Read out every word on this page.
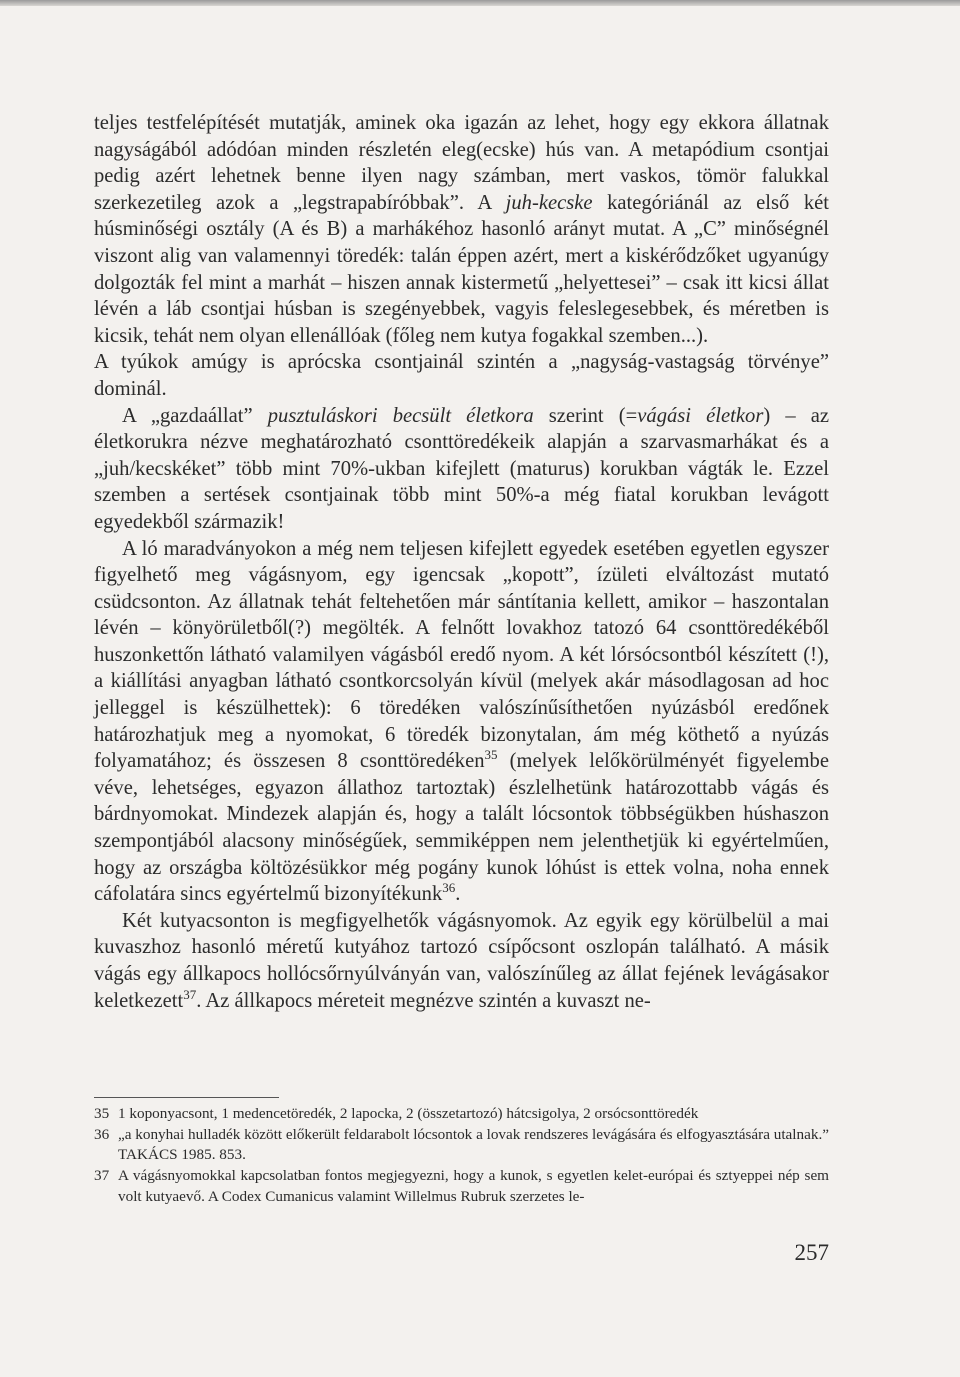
teljes testfelépítését mutatják, aminek oka igazán az lehet, hogy egy ekkora állatnak nagyságából adódóan minden részletén eleg(ecske) hús van. A metapódium csontjai pedig azért lehetnek benne ilyen nagy számban, mert vaskos, tömör falukkal szerkezetileg azok a „legstrapabíróbbak”. A juh-kecske kategóriánál az első két húsminőségi osztály (A és B) a marhákéhoz hasonló arányt mutat. A „C” minőségnél viszont alig van valamennyi töredék: talán éppen azért, mert a kiskérődzőket ugyanúgy dolgozták fel mint a marhát – hiszen annak kistermetű „helyettesei” – csak itt kicsi állat lévén a láb csontjai húsban is szegényebbek, vagyis feleslegesebbek, és méretben is kicsik, tehát nem olyan ellenállóak (főleg nem kutya fogakkal szemben...).

A tyúkok amúgy is aprócska csontjainál szintén a „nagyság-vastagság törvénye” dominál.

A „gazdaállat” pusztuláskori becsült életkora szerint (=vágási életkor) – az életkorukra nézve meghatározható csonttöredékeik alapján a szarvasmarhákat és a „juh/kecskéket” több mint 70%-ukban kifejlett (maturus) korukban vágták le. Ezzel szemben a sertések csontjainak több mint 50%-a még fiatal korukban levágott egyedekből származik!

A ló maradványokon a még nem teljesen kifejlett egyedek esetében egyetlen egyszer figyelhető meg vágásnyom, egy igencsak „kopott”, ízületi elváltozást mutató csüdcsonton. Az állatnak tehát feltehetően már sántítania kellett, amikor – haszontalan lévén – könyörületből(?) megölték. A felnőtt lovakhoz tatozó 64 csonttöredékéből huszonkettőn látható valamilyen vágásból eredő nyom. A két lórsócsontból készített (!), a kiállítási anyagban látható csontkorcsolyán kívül (melyek akár másodlagosan ad hoc jelleggel is készülhettek): 6 töredéken valószínűsíthetően nyúzásból eredőnek határozhatjuk meg a nyomokat, 6 töredék bizonytalan, ám még köthető a nyúzás folyamatához; és összesen 8 csonttöredéken$^{35}$ (melyek lelőkörülményét figyelembe véve, lehetséges, egyazon állathoz tartoztak) észlelhetünk határozottabb vágás és bárdnyomokat. Mindezek alapján és, hogy a talált lócsontok többségükben húshaszon szempontjából alacsony minőségűek, semmiképpen nem jelenthetjük ki egyértelműen, hogy az országba költözésükkor még pogány kunok lóhúst is ettek volna, noha ennek cáfolatára sincs egyértelmű bizonyítékunk$^{36}$.

Két kutyacsonton is megfigyelhetők vágásnyomok. Az egyik egy körülbelül a mai kuvaszhoz hasonló méretű kutyához tartozó csípőcsont oszlopán található. A másik vágás egy állkapocs hollócsőrnyúlványán van, valószínűleg az állat fejének levágásakor keletkezett$^{37}$. Az állkapocs méreteit megnézve szintén a kuvaszt ne-

35 1 koponyacsont, 1 medencetöredék, 2 lapocka, 2 (összetartozó) hátcsigolya, 2 orsócsonttöredék
36 „a konyhai hulladék között előkerült feldarabolt lócsontok a lovak rendszeres levágására és elfogyasztására utalnak.” TAKÁCS 1985. 853.
37 A vágásnyomokkal kapcsolatban fontos megjegyezni, hogy a kunok, s egyetlen kelet-európai és sztyeppei nép sem volt kutyaevő. A Codex Cumanicus valamint Willelmus Rubruk szerzetes le-
257
